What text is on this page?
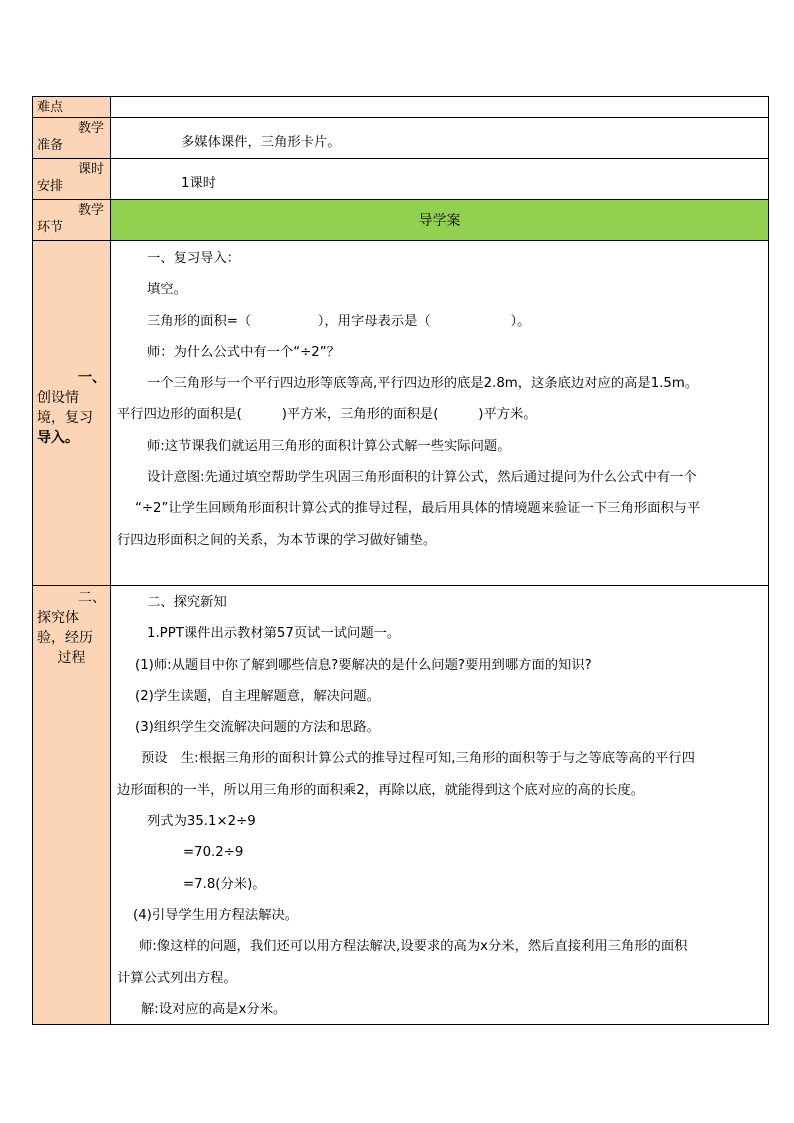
难点
教学
准备	多媒体课件，三角形卡片。
课时
安排	1课时
教学
环节	导学案
一、
创设情
境，复习
导入。
一、复习导入：
填空。
三角形的面积=（　　　　　），用字母表示是（　　　　　　）。
师：为什么公式中有一个“÷2”？
一个三角形与一个平行四边形等底等高,平行四边形的底是2.8m，这条底边对应的高是1.5m。
平行四边形的面积是(　　　)平方米，三角形的面积是(　　　)平方米。
师:这节课我们就运用三角形的面积计算公式解一些实际问题。
设计意图:先通过填空帮助学生巩固三角形面积的计算公式，然后通过提问为什么公式中有一个
“÷2”让学生回顾角形面积计算公式的推导过程，最后用具体的情境题来验证一下三角形面积与平
行四边形面积之间的关系，为本节课的学习做好铺垫。
二、
探究体
验，经历
过程
二、探究新知
1.PPT课件出示教材第57页试一试问题一。
(1)师:从题目中你了解到哪些信息?要解决的是什么问题?要用到哪方面的知识?
(2)学生读题，自主理解题意，解决问题。
(3)组织学生交流解决问题的方法和思路。
预设　生:根据三角形的面积计算公式的推导过程可知,三角形的面积等于与之等底等高的平行四
边形面积的一半，所以用三角形的面积乘2，再除以底，就能得到这个底对应的高的长度。
列式为35.1×2÷9
=70.2÷9
=7.8(分米)。
(4)引导学生用方程法解决。
师:像这样的问题，我们还可以用方程法解决,设要求的高为x分米，然后直接利用三角形的面积
计算公式列出方程。
解:设对应的高是x分米。
